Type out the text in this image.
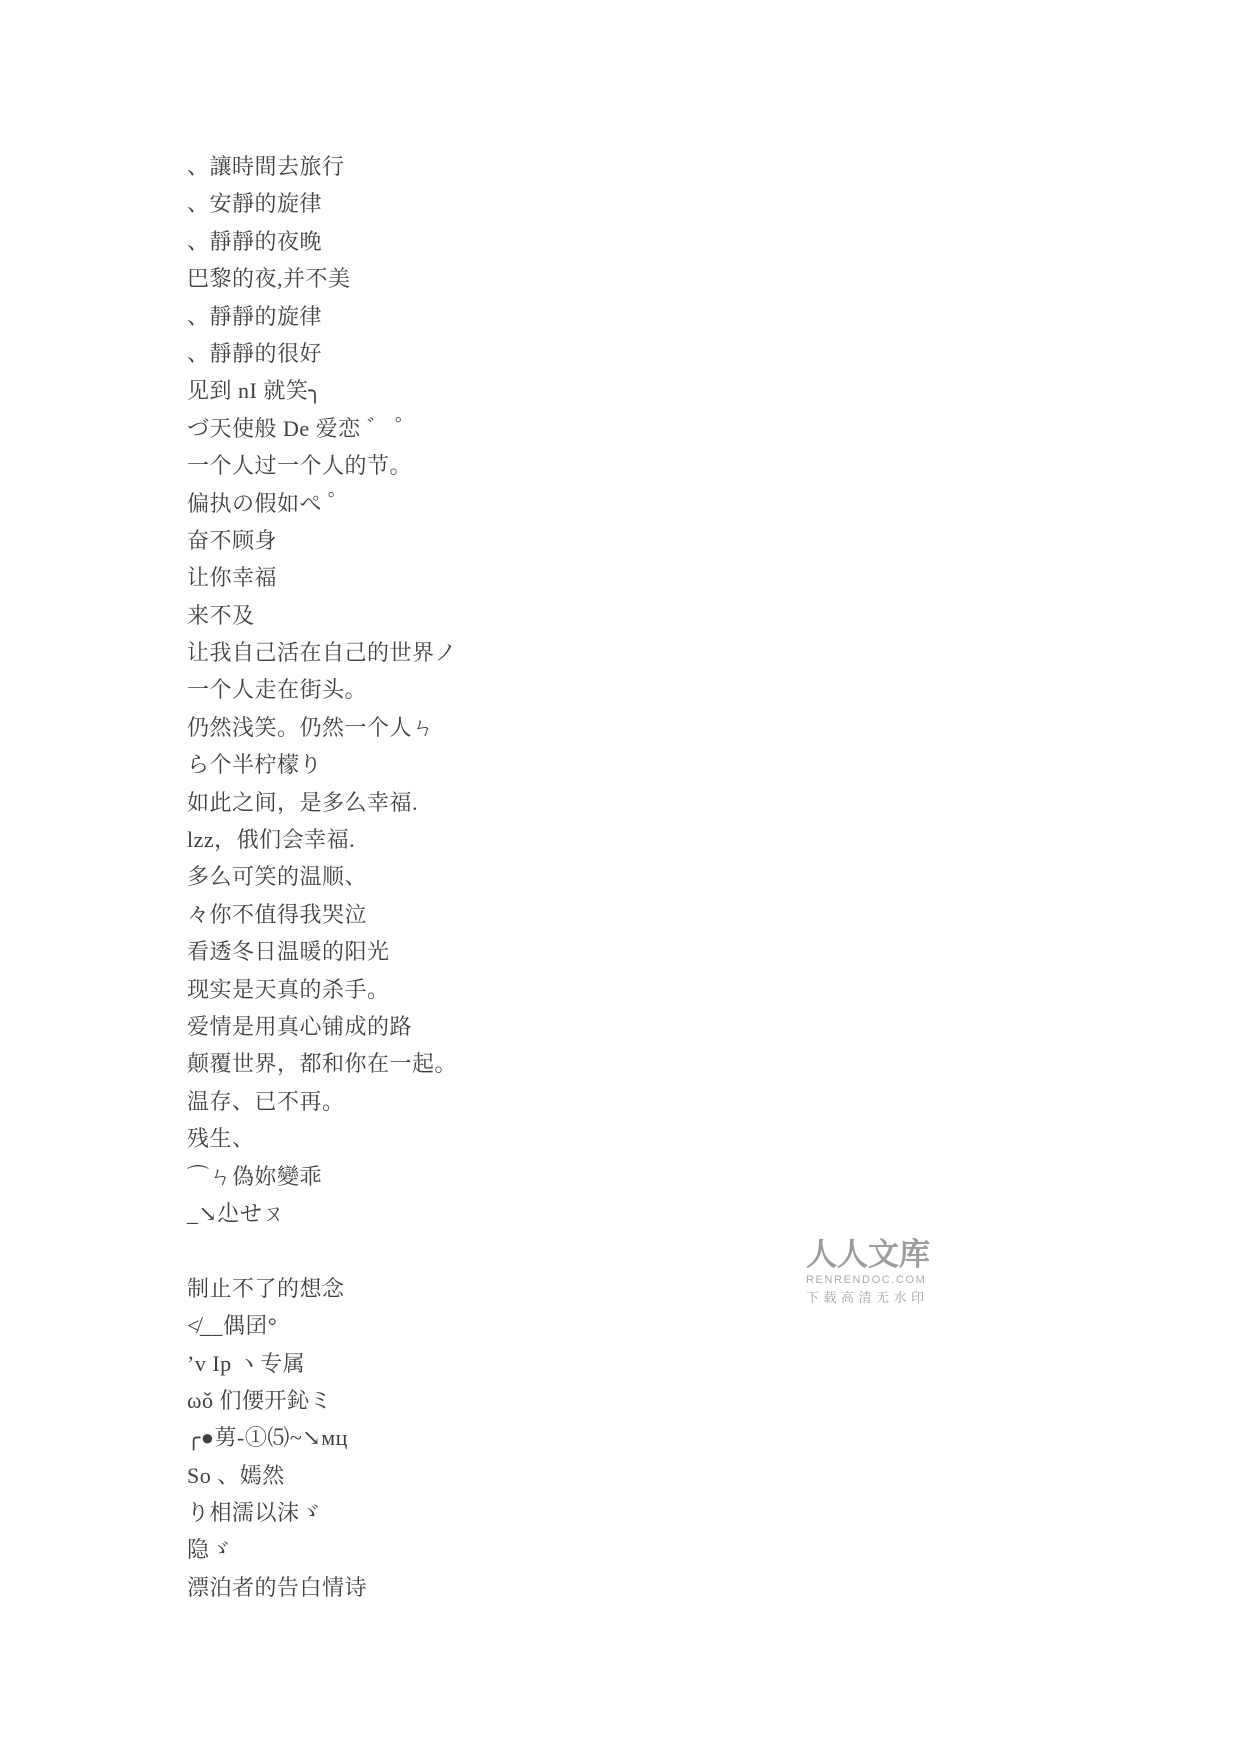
、讓時間去旅行
、安靜的旋律
、靜靜的夜晚
巴黎的夜,并不美
、靜靜的旋律
、靜靜的很好
见到 nI 就笑╮
づ天使般 De 爱恋 ゛ ゜
一个人过一个人的节。
偏执の假如ぺ ゜
奋不顾身
让你幸福
来不及
让我自己活在自己的世界ノ
一个人走在街头。
仍然浅笑。仍然一个人ㄣ
ら个半柠檬り
如此之间，是多么幸福.
lzz，俄们会幸福.
多么可笑的温顺、
々你不值得我哭泣
看透冬日温暖的阳光
现实是天真的杀手。
爱情是用真心铺成的路
颠覆世界，都和你在一起。
温存、已不再。
残生、
⌒ㄣ偽妳變乖
_↘尐せㄡ

制止不了的想念
≮__偶囝°
’v Ip ヽ专属
ωǒ 们偠开鈊ミ
╭●莮-①⑸~↘мц
So 、嫣然
り相濡以沫ゞ
隐ゞ
漂泊者的告白情诗
人人文库
RENRENDOC.COM
下载高清无水印
